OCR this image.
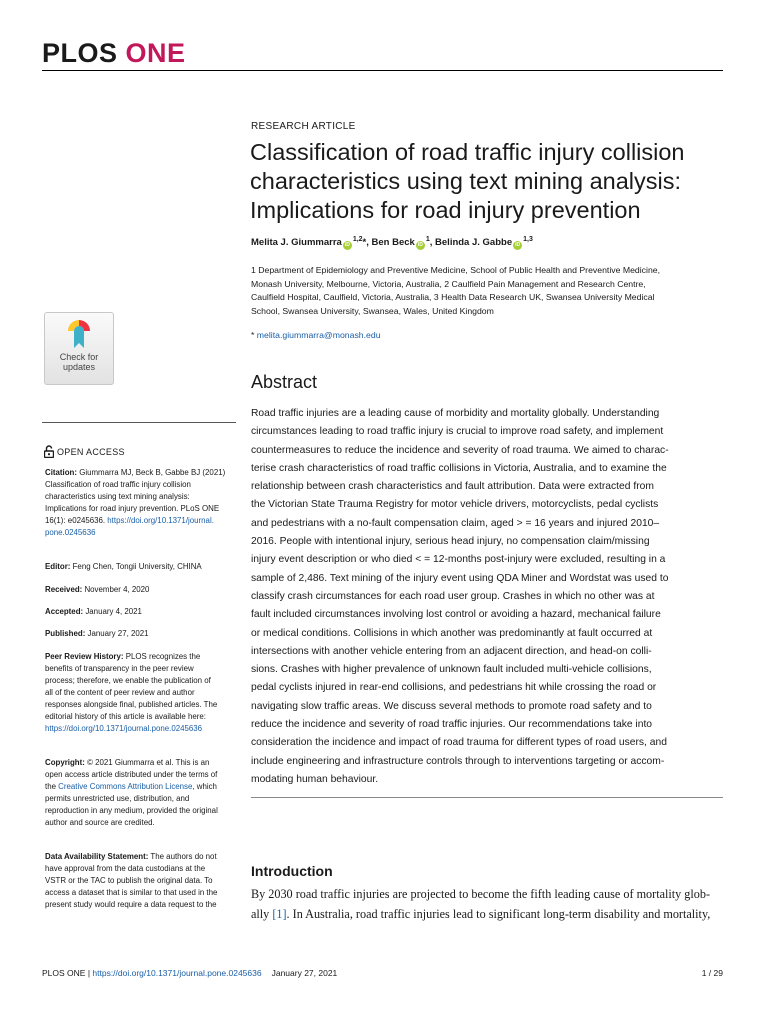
PLOS ONE
RESEARCH ARTICLE
Classification of road traffic injury collision
characteristics using text mining analysis:
Implications for road injury prevention
Melita J. Giummarra iD$^{1,2}$*, Ben Beck $iD^1$, Belinda J. Gabbe iD$^{1,3}$
1 Department of Epidemiology and Preventive Medicine, School of Public Health and Preventive Medicine,
Monash University, Melbourne, Victoria, Australia, 2 Caulfield Pain Management and Research Centre,
Caulfield Hospital, Caulfield, Victoria, Australia, 3 Health Data Research UK, Swansea University Medical
School, Swansea University, Swansea, Wales, United Kingdom
* melita.giummarra@monash.edu
Check for
updates
OPEN ACCESS
Citation: Giummarra MJ, Beck B, Gabbe BJ (2021)
Classification of road traffic injury collision
characteristics using text mining analysis:
Implications for road injury prevention. PLoS ONE
16(1): e0245636. https://doi.org/10.1371/journal.
pone.0245636
Editor: Feng Chen, Tongii University, CHINA
Received: November 4, 2020
Accepted: January 4, 2021
Published: January 27, 2021
Peer Review History: PLOS recognizes the
benefits of transparency in the peer review
process; therefore, we enable the publication of
all of the content of peer review and author
responses alongside final, published articles. The
editorial history of this article is available here:
https://doi.org/10.1371/journal.pone.0245636
Copyright: © 2021 Giummarra et al. This is an
open access article distributed under the terms of
the Creative Commons Attribution License, which
permits unrestricted use, distribution, and
reproduction in any medium, provided the original
author and source are credited.
Data Availability Statement: The authors do not
have approval from the data custodians at the
VSTR or the TAC to publish the original data. To
access a dataset that is similar to that used in the
present study would require a data request to the
Abstract
Road traffic injuries are a leading cause of morbidity and mortality globally. Understanding
circumstances leading to road traffic injury is crucial to improve road safety, and implement
countermeasures to reduce the incidence and severity of road trauma. We aimed to charac-
terise crash characteristics of road traffic collisions in Victoria, Australia, and to examine the
relationship between crash characteristics and fault attribution. Data were extracted from
the Victorian State Trauma Registry for motor vehicle drivers, motorcyclists, pedal cyclists
and pedestrians with a no-fault compensation claim, aged > = 16 years and injured 2010–
2016. People with intentional injury, serious head injury, no compensation claim/missing
injury event description or who died < = 12-months post-injury were excluded, resulting in a
sample of 2,486. Text mining of the injury event using QDA Miner and Wordstat was used to
classify crash circumstances for each road user group. Crashes in which no other was at
fault included circumstances involving lost control or avoiding a hazard, mechanical failure
or medical conditions. Collisions in which another was predominantly at fault occurred at
intersections with another vehicle entering from an adjacent direction, and head-on colli-
sions. Crashes with higher prevalence of unknown fault included multi-vehicle collisions,
pedal cyclists injured in rear-end collisions, and pedestrians hit while crossing the road or
navigating slow traffic areas. We discuss several methods to promote road safety and to
reduce the incidence and severity of road traffic injuries. Our recommendations take into
consideration the incidence and impact of road trauma for different types of road users, and
include engineering and infrastructure controls through to interventions targeting or accom-
modating human behaviour.
Introduction
By 2030 road traffic injuries are projected to become the fifth leading cause of mortality glob-
ally [1]. In Australia, road traffic injuries lead to significant long-term disability and mortality,
PLOS ONE | https://doi.org/10.1371/journal.pone.0245636 January 27, 2021	1 / 29
